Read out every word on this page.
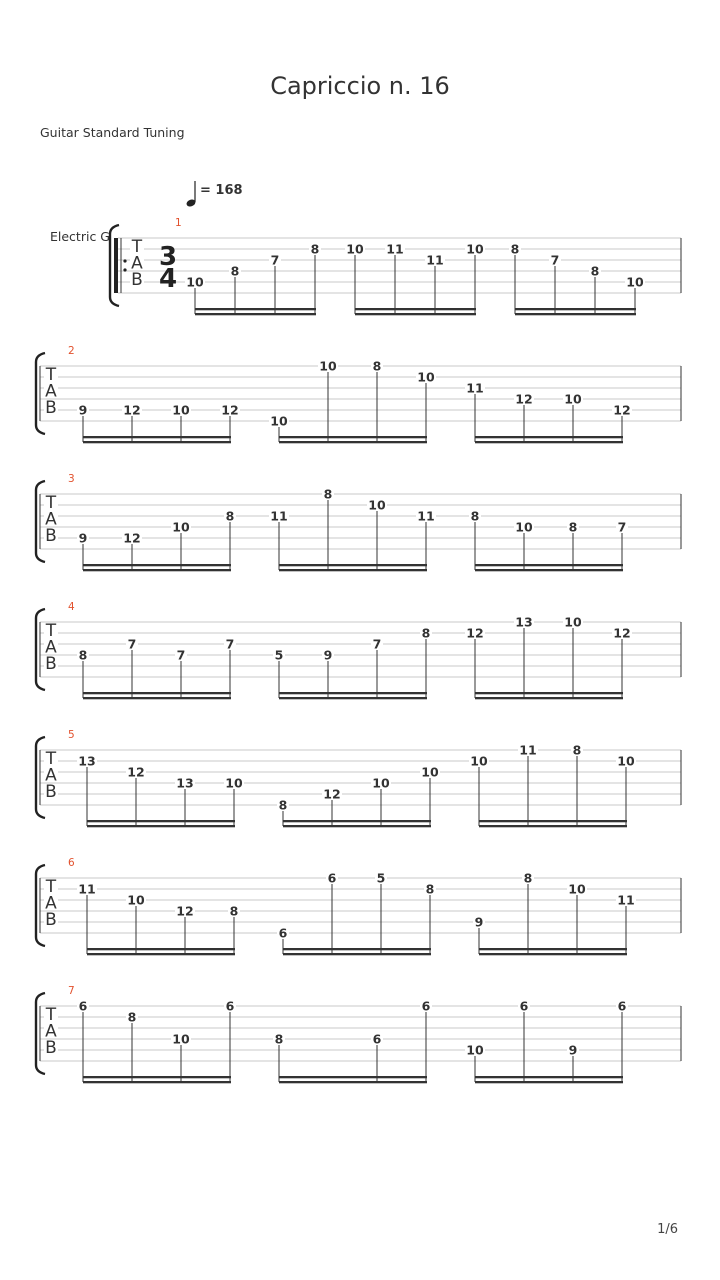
Capriccio n. 16
Guitar Standard Tuning
1/6
= 168
Electric G
T
A
B
3
4
1
10
8
7
8 10 11
11
10 8
7
8
10
T
A
B
2
9	12	10	12
10
10	8
10
11
12	10
12
T
A
B
3
9	12
10
8	11
8
10
11	8
10	8	7
T
A
B
4
8
7
7
7
5	9
7
8	12
13	10
12
T
A
B
5
13
12
13	10
8
12
10
10
10
11	8
10
T
A
B
6
11
10
12	8
6
6	5
8
9
8
10
11
T
A
B
7
6
8
10
6
8	6
6
10
6
9
6
